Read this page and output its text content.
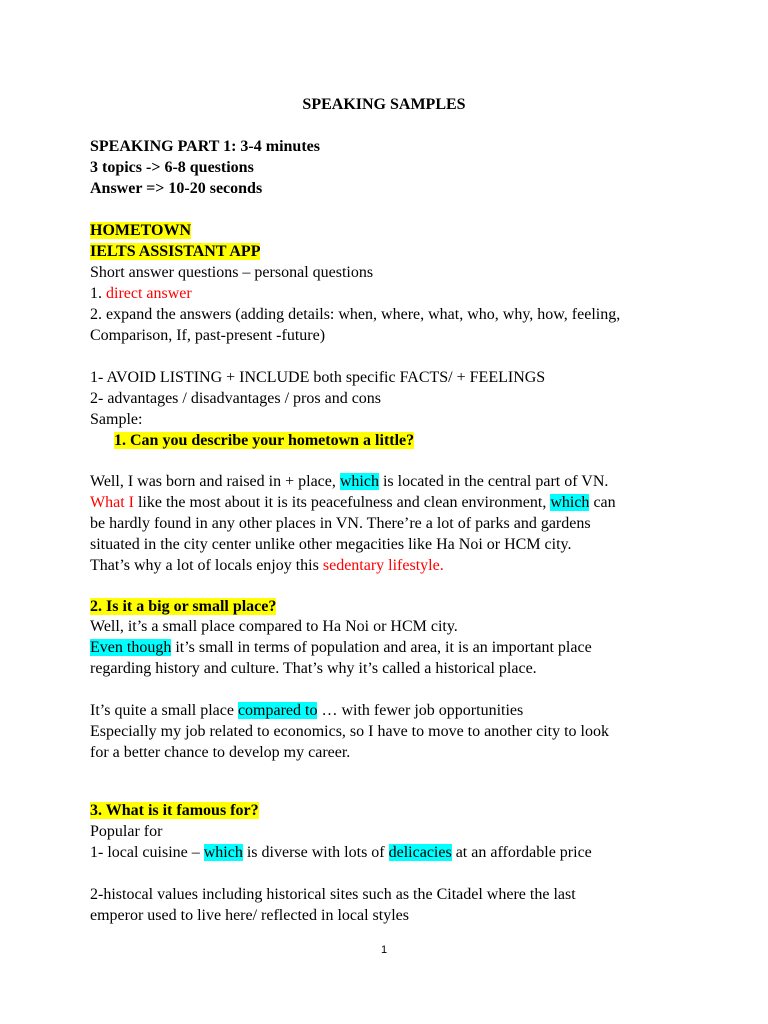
SPEAKING SAMPLES

SPEAKING PART 1: 3-4 minutes

3 topics -> 6-8 questions

Answer => 10-20 seconds

HOMETOWN

IELTS ASSISTANT APP

Short answer questions – personal questions

1. direct answer

2. expand the answers (adding details: when, where, what, who, why, how, feeling,

Comparison, If, past-present -future)

1- AVOID LISTING + INCLUDE both specific FACTS/ + FEELINGS

2- advantages / disadvantages / pros and cons

Sample:

1. Can you describe your hometown a little?

Well, I was born and raised in + place, which is located in the central part of VN.

What I like the most about it is its peacefulness and clean environment, which can

be hardly found in any other places in VN. There’re a lot of parks and gardens

situated in the city center unlike other megacities like Ha Noi or HCM city.

That’s why a lot of locals enjoy this sedentary lifestyle.

2. Is it a big or small place?

Well, it’s a small place compared to Ha Noi or HCM city.

Even though it’s small in terms of population and area, it is an important place

regarding history and culture. That’s why it’s called a historical place.

It’s quite a small place compared to … with fewer job opportunities

Especially my job related to economics, so I have to move to another city to look

for a better chance to develop my career.

3. What is it famous for?

Popular for

1- local cuisine – which is diverse with lots of delicacies at an affordable price

2-histocal values including historical sites such as the Citadel where the last

emperor used to live here/ reflected in local styles

1
